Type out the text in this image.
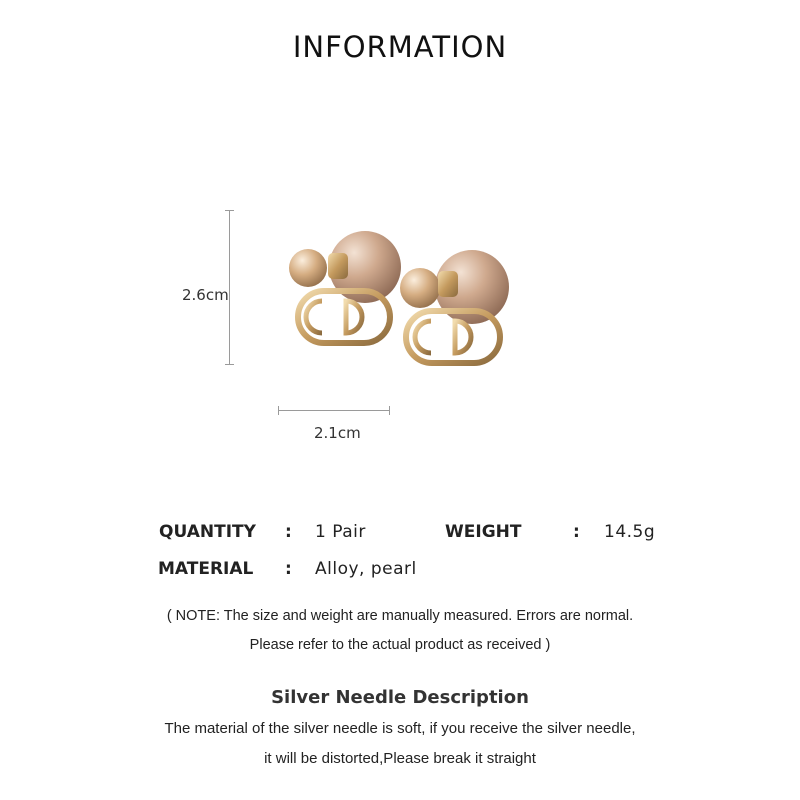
INFORMATION
2.6cm
2.1cm
QUANTITY : 1 Pair	WEIGHT	: 14.5g
MATERIAL : Alloy, pearl
( NOTE: The size and weight are manually measured. Errors are normal.
Please refer to the actual product as received )
Silver Needle Description
The material of the silver needle is soft, if you receive the silver needle,
it will be distorted,Please break it straight
